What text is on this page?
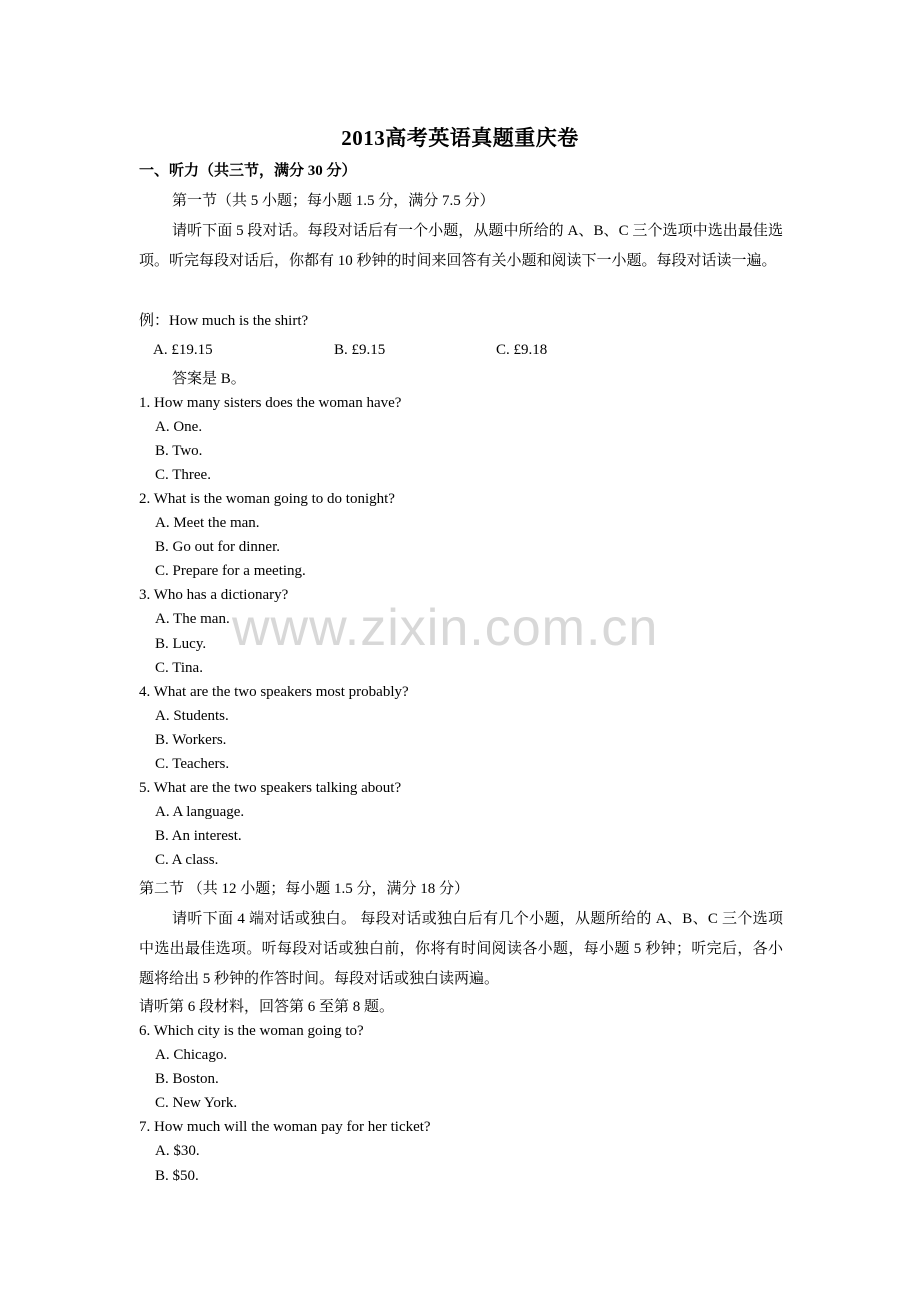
2013高考英语真题重庆卷
一、听力（共三节，满分 30 分）
第一节（共 5 小题；每小题 1.5 分，满分 7.5 分）
请听下面 5 段对话。每段对话后有一个小题，从题中所给的 A、B、C 三个选项中选出最佳选项。听完每段对话后，你都有 10 秒钟的时间来回答有关小题和阅读下一小题。每段对话读一遍。
例：How much is the shirt?
A. £19.15	B. £9.15	C. £9.18
答案是 B。
1. How many sisters does the woman have?
A. One.
B. Two.
C. Three.
2. What is the woman going to do tonight?
A. Meet the man.
B. Go out for dinner.
C. Prepare for a meeting.
3. Who has a dictionary?
A. The man.
B. Lucy.
C. Tina.
4. What are the two speakers most probably?
A. Students.
B. Workers.
C. Teachers.
5. What are the two speakers talking about?
A. A language.
B. An interest.
C. A class.
第二节 （共 12 小题；每小题 1.5 分，满分 18 分）
请听下面 4 端对话或独白。 每段对话或独白后有几个小题，从题所给的 A、B、C 三个选项中选出最佳选项。听每段对话或独白前，你将有时间阅读各小题，每小题 5 秒钟；听完后，各小题将给出 5 秒钟的作答时间。每段对话或独白读两遍。
请听第 6 段材料，回答第 6 至第 8 题。
6. Which city is the woman going to?
A. Chicago.
B. Boston.
C. New York.
7. How much will the woman pay for her ticket?
A. $30.
B. $50.
www.zixin.com.cn
